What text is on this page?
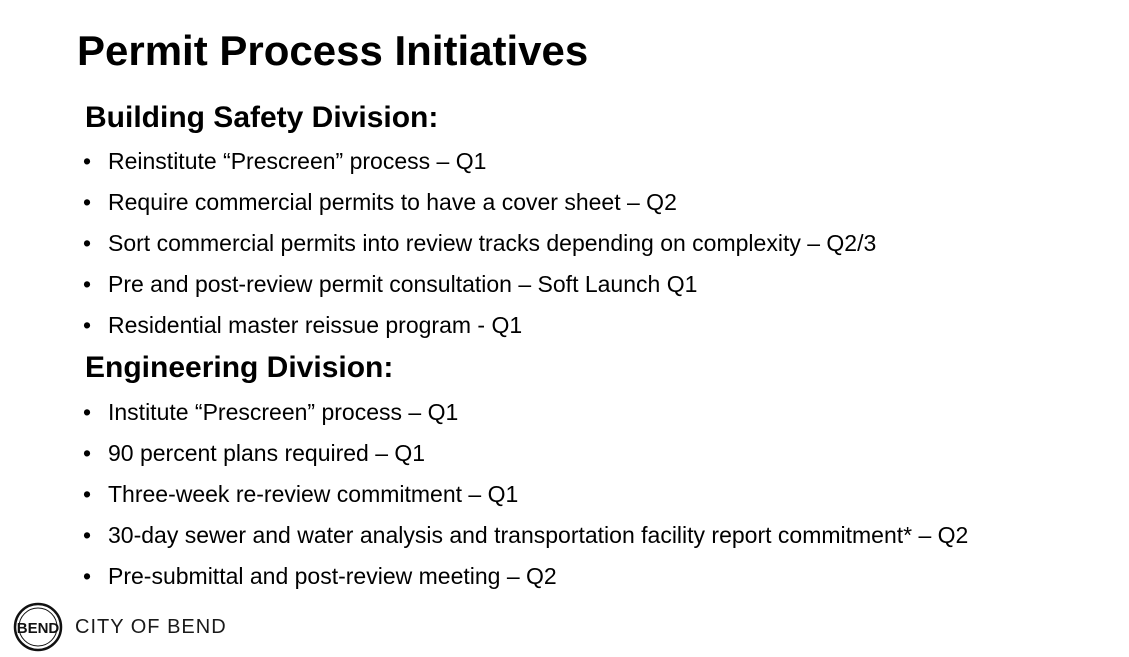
Permit Process Initiatives
Building Safety Division:
• Reinstitute “Prescreen” process – Q1
• Require commercial permits to have a cover sheet – Q2
• Sort commercial permits into review tracks depending on complexity – Q2/3
• Pre and post-review permit consultation – Soft Launch Q1
• Residential master reissue program - Q1
Engineering Division:
• Institute “Prescreen” process – Q1
• 90 percent plans required – Q1
• Three-week re-review commitment – Q1
• 30-day sewer and water analysis and transportation facility report commitment* – Q2
• Pre-submittal and post-review meeting – Q2
BEND CITY OF BEND
